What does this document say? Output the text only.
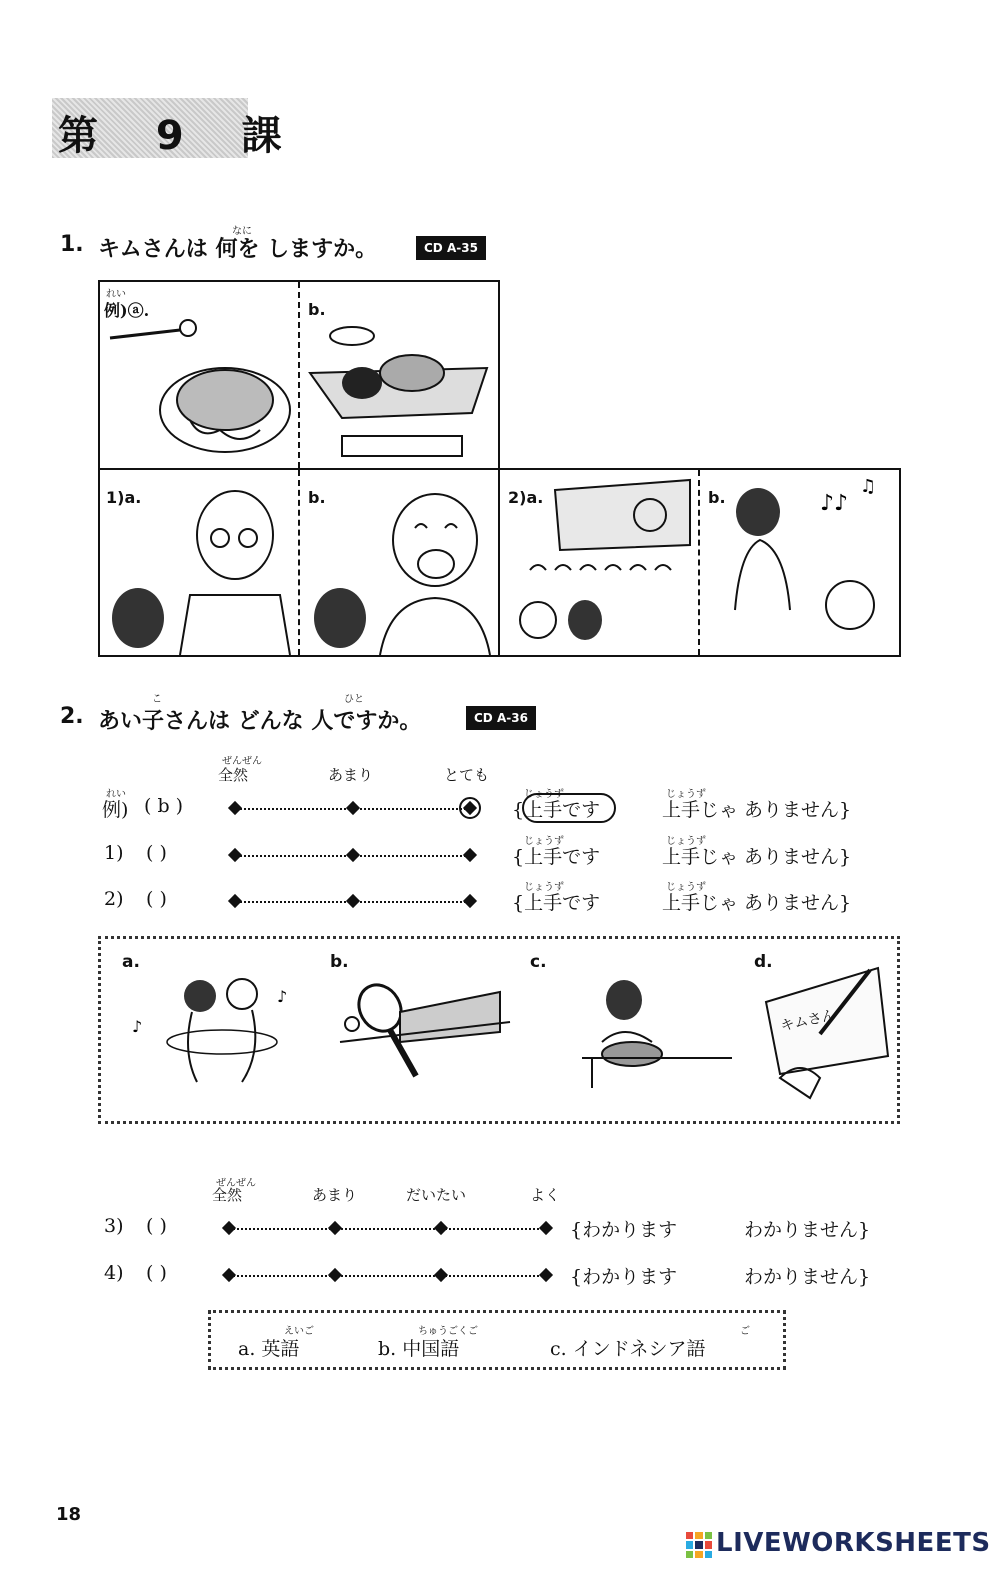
第 9 課
1.
なに
キムさんは 何を しますか。	CD A-35
れい
例)ⓐ.	b.
1)a.	b.	2)a.	b.	♪♪
♫
2.
こ	ひと
あい子さんは どんな 人ですか。	CD A-36
ぜんぜん
全然	あまり	とても
れい
例) ( b )
じょうず
{上手です
じょうず
上手じゃ ありません}
1) ( )
じょうず
{上手です
じょうず
上手じゃ ありません}
2) ( )
じょうず
{上手です
じょうず
上手じゃ ありません}
a.	b.	c.	d.
♪
♪
キムさん
ぜんぜん
全然	あまり	だいたい	よく
3) ( )	{わかります	わかりません}
4) ( )	{わかります	わかりません}
えいご
a. 英語
ちゅうごくご
b. 中国語
ご
c. インドネシア語
18
LIVEWORKSHEETS
